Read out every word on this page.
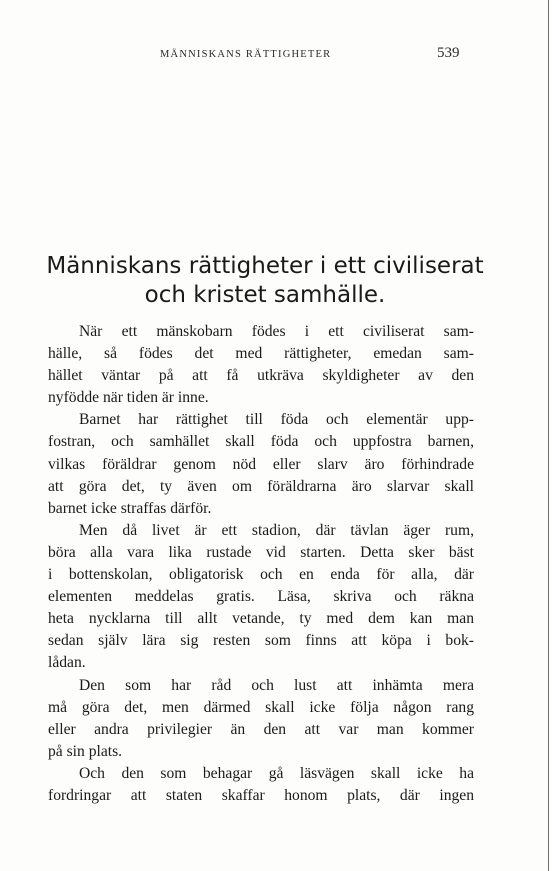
MÄNNISKANS RÄTTIGHETER	539
Människans rättigheter i ett civiliserat
och kristet samhälle.
När ett mänskobarn födes i ett civiliserat sam-
hälle, så födes det med rättigheter, emedan sam-
hället väntar på att få utkräva skyldigheter av den
nyfödde när tiden är inne.
Barnet har rättighet till föda och elementär upp-
fostran, och samhället skall föda och uppfostra barnen,
vilkas föräldrar genom nöd eller slarv äro förhindrade
att göra det, ty även om föräldrarna äro slarvar skall
barnet icke straffas därför.
Men då livet är ett stadion, där tävlan äger rum,
böra alla vara lika rustade vid starten. Detta sker bäst
i bottenskolan, obligatorisk och en enda för alla, där
elementen meddelas gratis. Läsa, skriva och räkna
heta nycklarna till allt vetande, ty med dem kan man
sedan själv lära sig resten som finns att köpa i bok-
lådan.
Den som har råd och lust att inhämta mera
må göra det, men därmed skall icke följa någon rang
eller andra privilegier än den att var man kommer
på sin plats.
Och den som behagar gå läsvägen skall icke ha
fordringar att staten skaffar honom plats, där ingen
